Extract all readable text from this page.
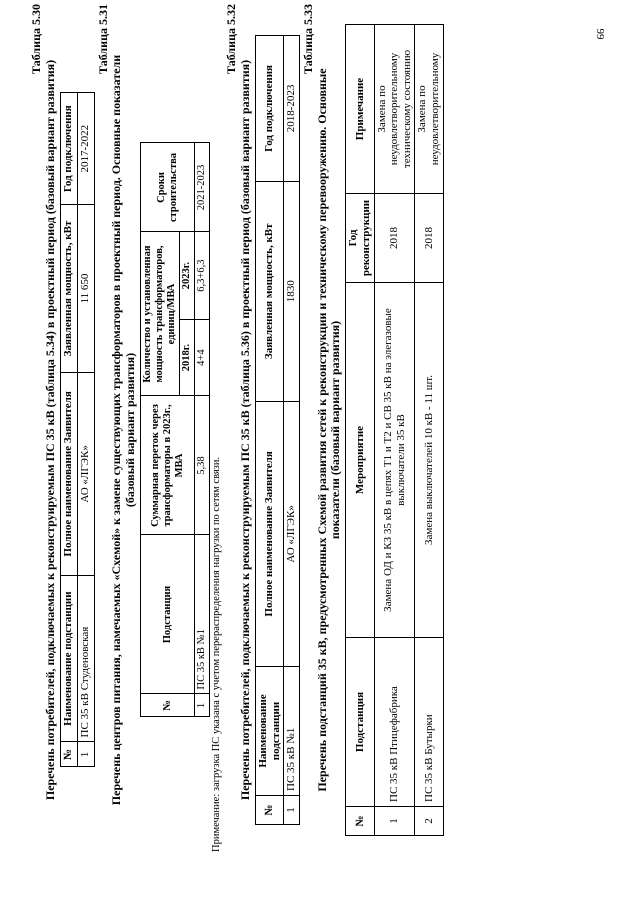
99

Таблица 5.30

Перечень потребителей, подключаемых к реконструируемым ПС 35 кВ (таблица 5.34) в проектный период (базовый вариант развития) №	Наименование подстанции	Полное наименование Заявителя	Заявленная мощность, кВт	Год подключения
1	ПС 35 кВ Студеновская	АО «ЛГЭК»	11 650	2017-2022

Таблица 5.31

Перечень центров питания, намечаемых «Схемой» к замене существующих трансформаторов в проектный период. Основные показатели (базовый вариант развития)

№	Подстанция	Суммарная переток через трансформаторы в 2023г., МВА	Количество и установленная мощность трансформаторов, единиц/МВА		Сроки строительства
			2018г.	2023г.	
1	ПС 35 кВ №1	5,38	4+4	6,3+6,3	2021-2023

Примечание: загрузка ПС указана с учетом перераспределения нагрузки по сетям связи.

Таблица 5.32

Перечень потребителей, подключаемых к реконструируемым ПС 35 кВ (таблица 5.36) в проектный период (базовый вариант развития)

№	Наименование подстанции	Полное наименование Заявителя	Заявленная мощность, кВт	Год подключения
1	ПС 35 кВ №1	АО «ЛГЭК»	1830	2018-2023

Таблица 5.33

Перечень подстанций 35 кВ, предусмотренных Схемой развития сетей к реконструкции и техническому перевооружению. Основные показатели (базовый вариант развития)

№	Подстанция	Мероприятие	Год реконструкции	Примечание
1	ПС 35 кВ Птицефабрика	Замена ОД и КЗ 35 кВ в цепях Т1 и Т2 и СВ 35 кВ на элегазовые выключатели 35 кВ	2018	Замена по неудовлетворительному техническому состоянию
2	ПС 35 кВ Бутырки	Замена выключателей 10 кВ - 11 шт.	2018	Замена по неудовлетворительному
